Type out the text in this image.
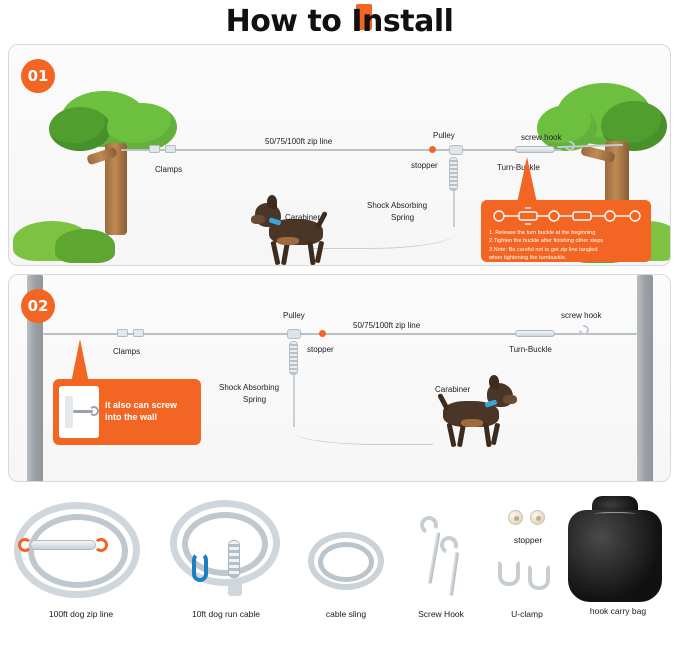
How to Install
Clamps
50/75/100ft zip line
Pulley
stopper	Turn-Buckle
screw hook
Shock Absorbing
Spring
Carabiner
1. Release the turn buckle at the beginning
2.Tighten the buckle after finishing other steps
3.Note: Be careful not to get zip line tangled
when tightening the turnbuckle.
01
Clamps
Pulley
stopper
50/75/100ft zip line
Turn-Buckle
screw hook
Shock Absorbing
Spring
Carabiner
it also can screw
into the wall
02
100ft dog zip line	10ft dog run cable	cable sling	Screw Hook	U-clamp
stopper
hook carry bag
